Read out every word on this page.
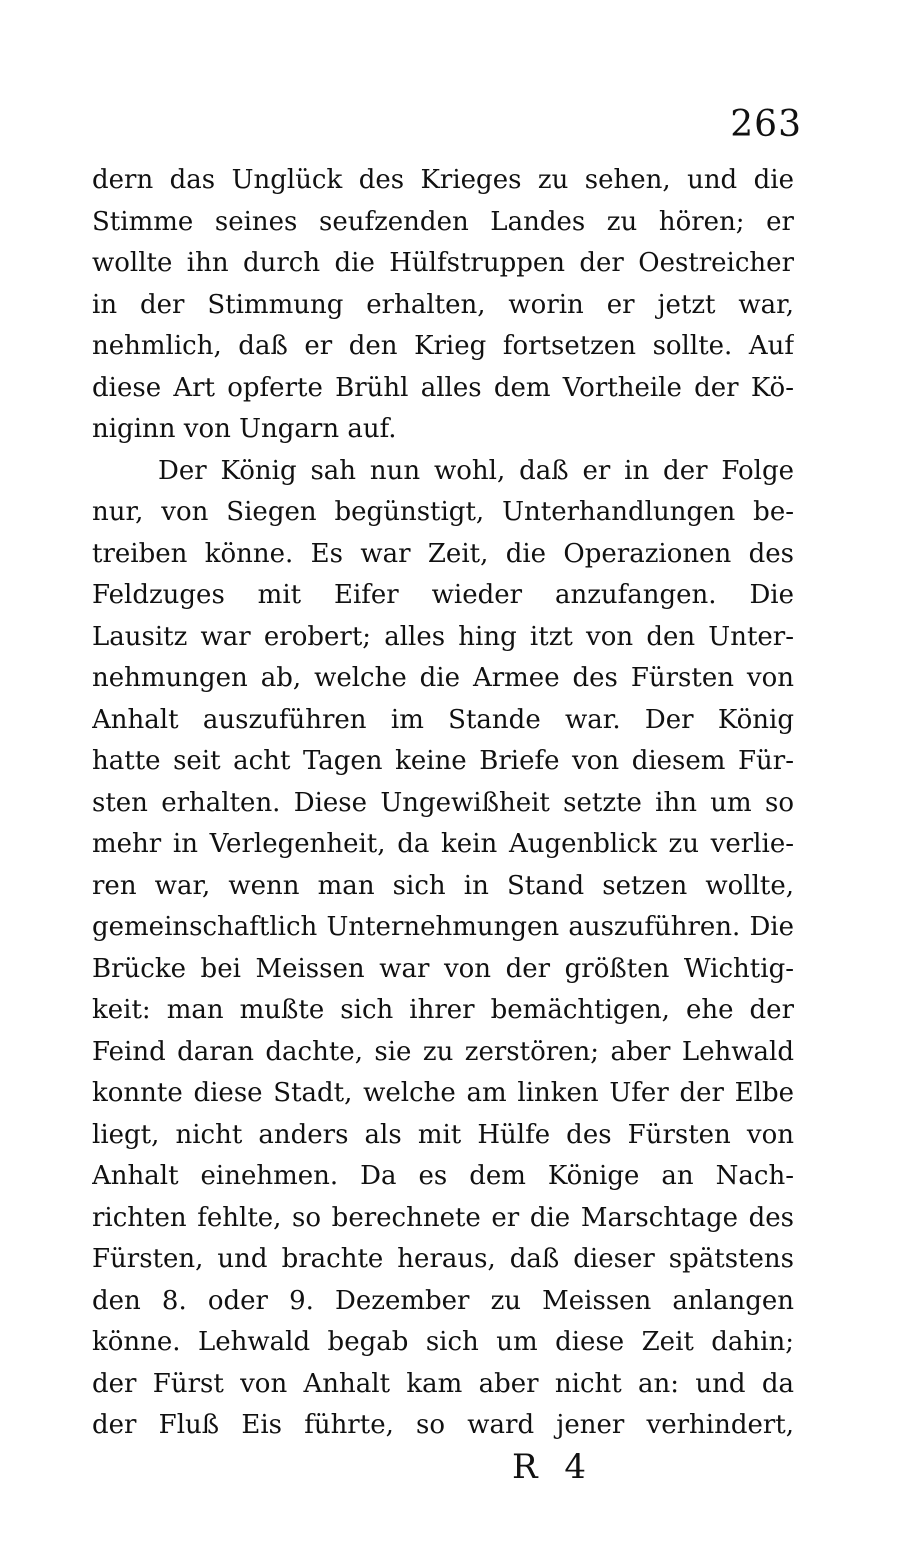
263
dern das Unglück des Krieges zu sehen, und die
Stimme seines seufzenden Landes zu hören; er
wollte ihn durch die Hülfstruppen der Oestreicher
in der Stimmung erhalten, worin er jetzt war,
nehmlich, daß er den Krieg fortsetzen sollte. Auf
diese Art opferte Brühl alles dem Vortheile der Kö-
niginn von Ungarn auf.
Der König sah nun wohl, daß er in der Folge
nur, von Siegen begünstigt, Unterhandlungen be-
treiben könne. Es war Zeit, die Operazionen des
Feldzuges mit Eifer wieder anzufangen. Die
Lausitz war erobert; alles hing itzt von den Unter-
nehmungen ab, welche die Armee des Fürsten von
Anhalt auszuführen im Stande war. Der König
hatte seit acht Tagen keine Briefe von diesem Für-
sten erhalten. Diese Ungewißheit setzte ihn um so
mehr in Verlegenheit, da kein Augenblick zu verlie-
ren war, wenn man sich in Stand setzen wollte,
gemeinschaftlich Unternehmungen auszuführen. Die
Brücke bei Meissen war von der größten Wichtig-
keit: man mußte sich ihrer bemächtigen, ehe der
Feind daran dachte, sie zu zerstören; aber Lehwald
konnte diese Stadt, welche am linken Ufer der Elbe
liegt, nicht anders als mit Hülfe des Fürsten von
Anhalt einehmen. Da es dem Könige an Nach-
richten fehlte, so berechnete er die Marschtage des
Fürsten, und brachte heraus, daß dieser spätstens
den 8. oder 9. Dezember zu Meissen anlangen
könne. Lehwald begab sich um diese Zeit dahin;
der Fürst von Anhalt kam aber nicht an: und da
der Fluß Eis führte, so ward jener verhindert,
R 4
